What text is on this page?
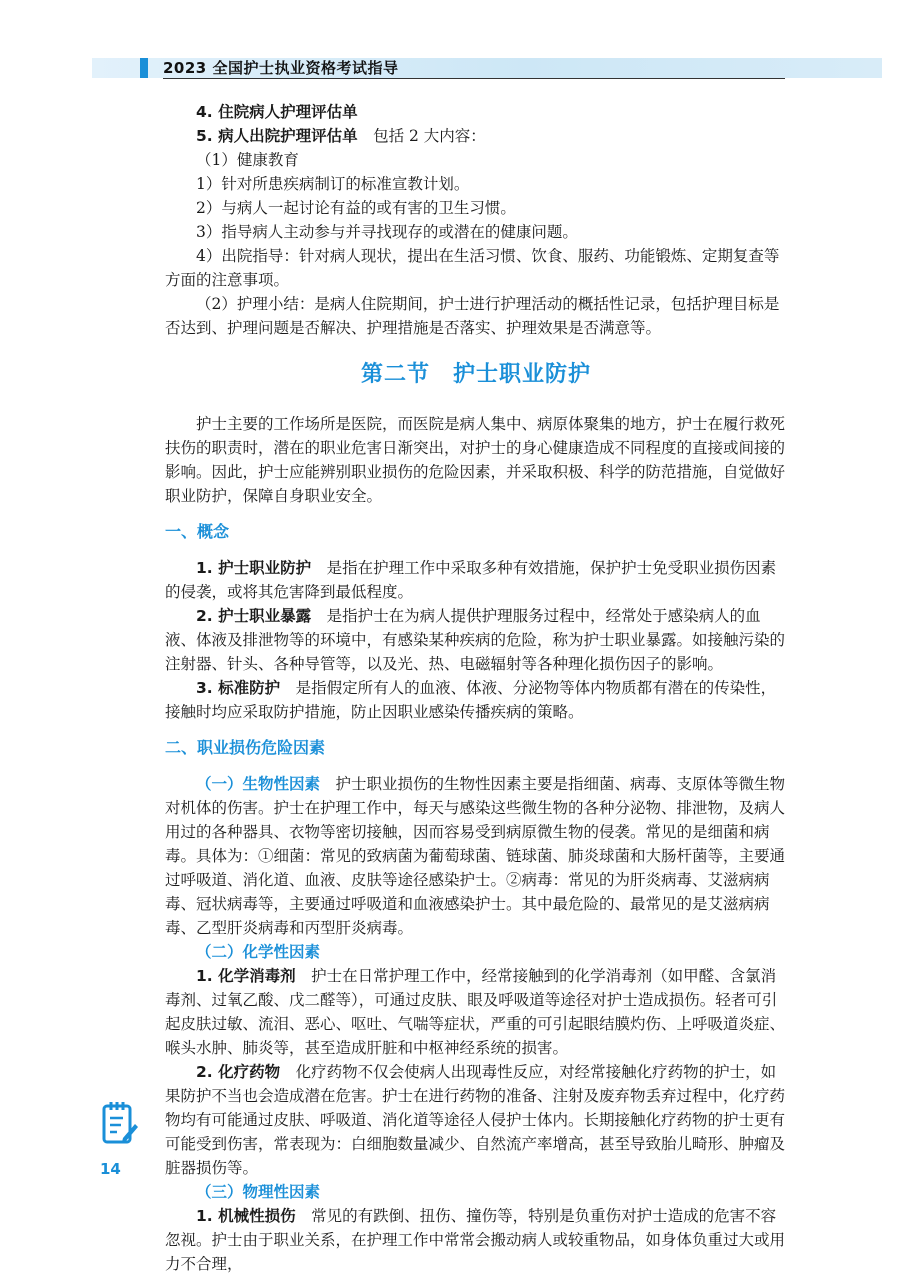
2023 全国护士执业资格考试指导

4. 住院病人护理评估单

5. 病人出院护理评估单　 包括 2 大内容：

（1）健康教育

1）针对所患疾病制订的标准宣教计划。

2）与病人一起讨论有益的或有害的卫生习惯。

3）指导病人主动参与并寻找现存的或潜在的健康问题。

4）出院指导：针对病人现状，提出在生活习惯、饮食、服药、功能锻炼、定期复查等方面的注意事项。

（2）护理小结：是病人住院期间，护士进行护理活动的概括性记录，包括护理目标是否达到、护理问题是否解决、护理措施是否落实、护理效果是否满意等。

第二节　护士职业防护

护士主要的工作场所是医院，而医院是病人集中、病原体聚集的地方，护士在履行救死扶伤的职责时，潜在的职业危害日渐突出，对护士的身心健康造成不同程度的直接或间接的影响。因此，护士应能辨别职业损伤的危险因素，并采取积极、科学的防范措施，自觉做好职业防护，保障自身职业安全。

一、概念

1. 护士职业防护　 是指在护理工作中采取多种有效措施，保护护士免受职业损伤因素的侵袭，或将其危害降到最低程度。

2. 护士职业暴露　 是指护士在为病人提供护理服务过程中，经常处于感染病人的血液、体液及排泄物等的环境中，有感染某种疾病的危险，称为护士职业暴露。如接触污染的注射器、针头、各种导管等，以及光、热、电磁辐射等各种理化损伤因子的影响。

3. 标准防护　 是指假定所有人的血液、体液、分泌物等体内物质都有潜在的传染性，接触时均应采取防护措施，防止因职业感染传播疾病的策略。

二、职业损伤危险因素

（一）生物性因素　 护士职业损伤的生物性因素主要是指细菌、病毒、支原体等微生物对机体的伤害。护士在护理工作中，每天与感染这些微生物的各种分泌物、排泄物，及病人用过的各种器具、衣物等密切接触，因而容易受到病原微生物的侵袭。常见的是细菌和病毒。具体为：①细菌：常见的致病菌为葡萄球菌、链球菌、肺炎球菌和大肠杆菌等，主要通过呼吸道、消化道、血液、皮肤等途径感染护士。②病毒：常见的为肝炎病毒、艾滋病病毒、冠状病毒等，主要通过呼吸道和血液感染护士。其中最危险的、最常见的是艾滋病病毒、乙型肝炎病毒和丙型肝炎病毒。

（二）化学性因素

1. 化学消毒剂　 护士在日常护理工作中，经常接触到的化学消毒剂（如甲醛、含氯消毒剂、过氧乙酸、戊二醛等），可通过皮肤、眼及呼吸道等途径对护士造成损伤。轻者可引起皮肤过敏、流泪、恶心、呕吐、气喘等症状，严重的可引起眼结膜灼伤、上呼吸道炎症、喉头水肿、肺炎等，甚至造成肝脏和中枢神经系统的损害。

2. 化疗药物　 化疗药物不仅会使病人出现毒性反应，对经常接触化疗药物的护士，如果防护不当也会造成潜在危害。护士在进行药物的准备、注射及废弃物丢弃过程中，化疗药物均有可能通过皮肤、呼吸道、消化道等途径人侵护士体内。长期接触化疗药物的护士更有可能受到伤害，常表现为：白细胞数量减少、自然流产率增高，甚至导致胎儿畸形、肿瘤及脏器损伤等。

（三）物理性因素

1. 机械性损伤　 常见的有跌倒、扭伤、撞伤等，特别是负重伤对护士造成的危害不容忽视。护士由于职业关系，在护理工作中常常会搬动病人或较重物品，如身体负重过大或用力不合理，

14
